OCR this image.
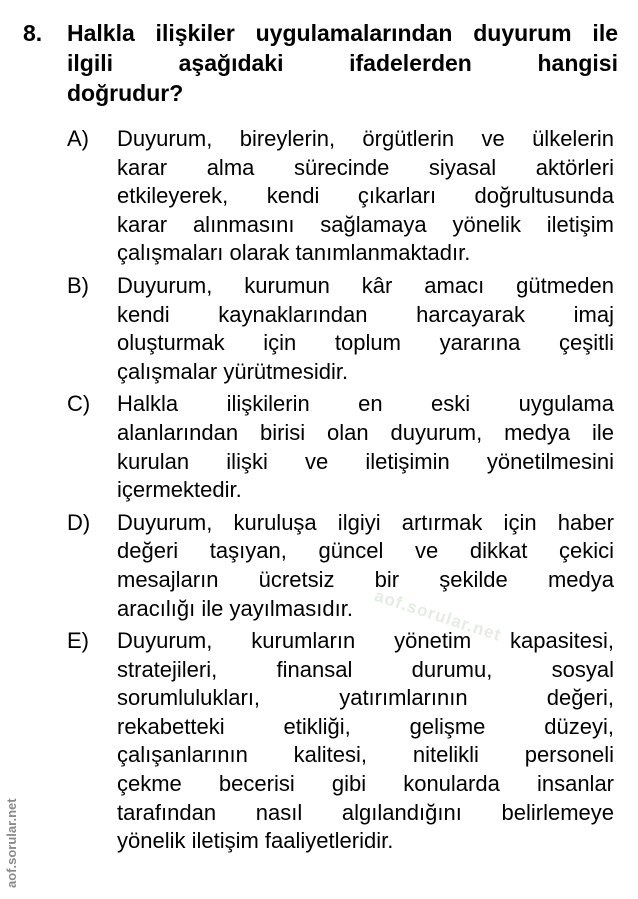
8.	Halkla ilişkiler uygulamalarından duyurum ile
ilgili aşağıdaki ifadelerden hangisi
doğrudur?
A)	Duyurum, bireylerin, örgütlerin ve ülkelerin
karar alma sürecinde siyasal aktörleri
etkileyerek, kendi çıkarları doğrultusunda
karar alınmasını sağlamaya yönelik iletişim
çalışmaları olarak tanımlanmaktadır.
B)	Duyurum, kurumun kâr amacı gütmeden
kendi kaynaklarından harcayarak imaj
oluşturmak için toplum yararına çeşitli
çalışmalar yürütmesidir.
C)	Halkla ilişkilerin en eski uygulama
alanlarından birisi olan duyurum, medya ile
kurulan ilişki ve iletişimin yönetilmesini
içermektedir.
D)	Duyurum, kuruluşa ilgiyi artırmak için haber
değeri taşıyan, güncel ve dikkat çekici
mesajların ücretsiz bir şekilde medya
aracılığı ile yayılmasıdır.
E)	Duyurum, kurumların yönetim kapasitesi,
stratejileri, finansal durumu, sosyal
sorumlulukları, yatırımlarının değeri,
rekabetteki etikliği, gelişme düzeyi,
çalışanlarının kalitesi, nitelikli personeli
çekme becerisi gibi konularda insanlar
tarafından nasıl algılandığını belirlemeye
yönelik iletişim faaliyetleridir.
aof.sorular.net
aof.sorular.net
